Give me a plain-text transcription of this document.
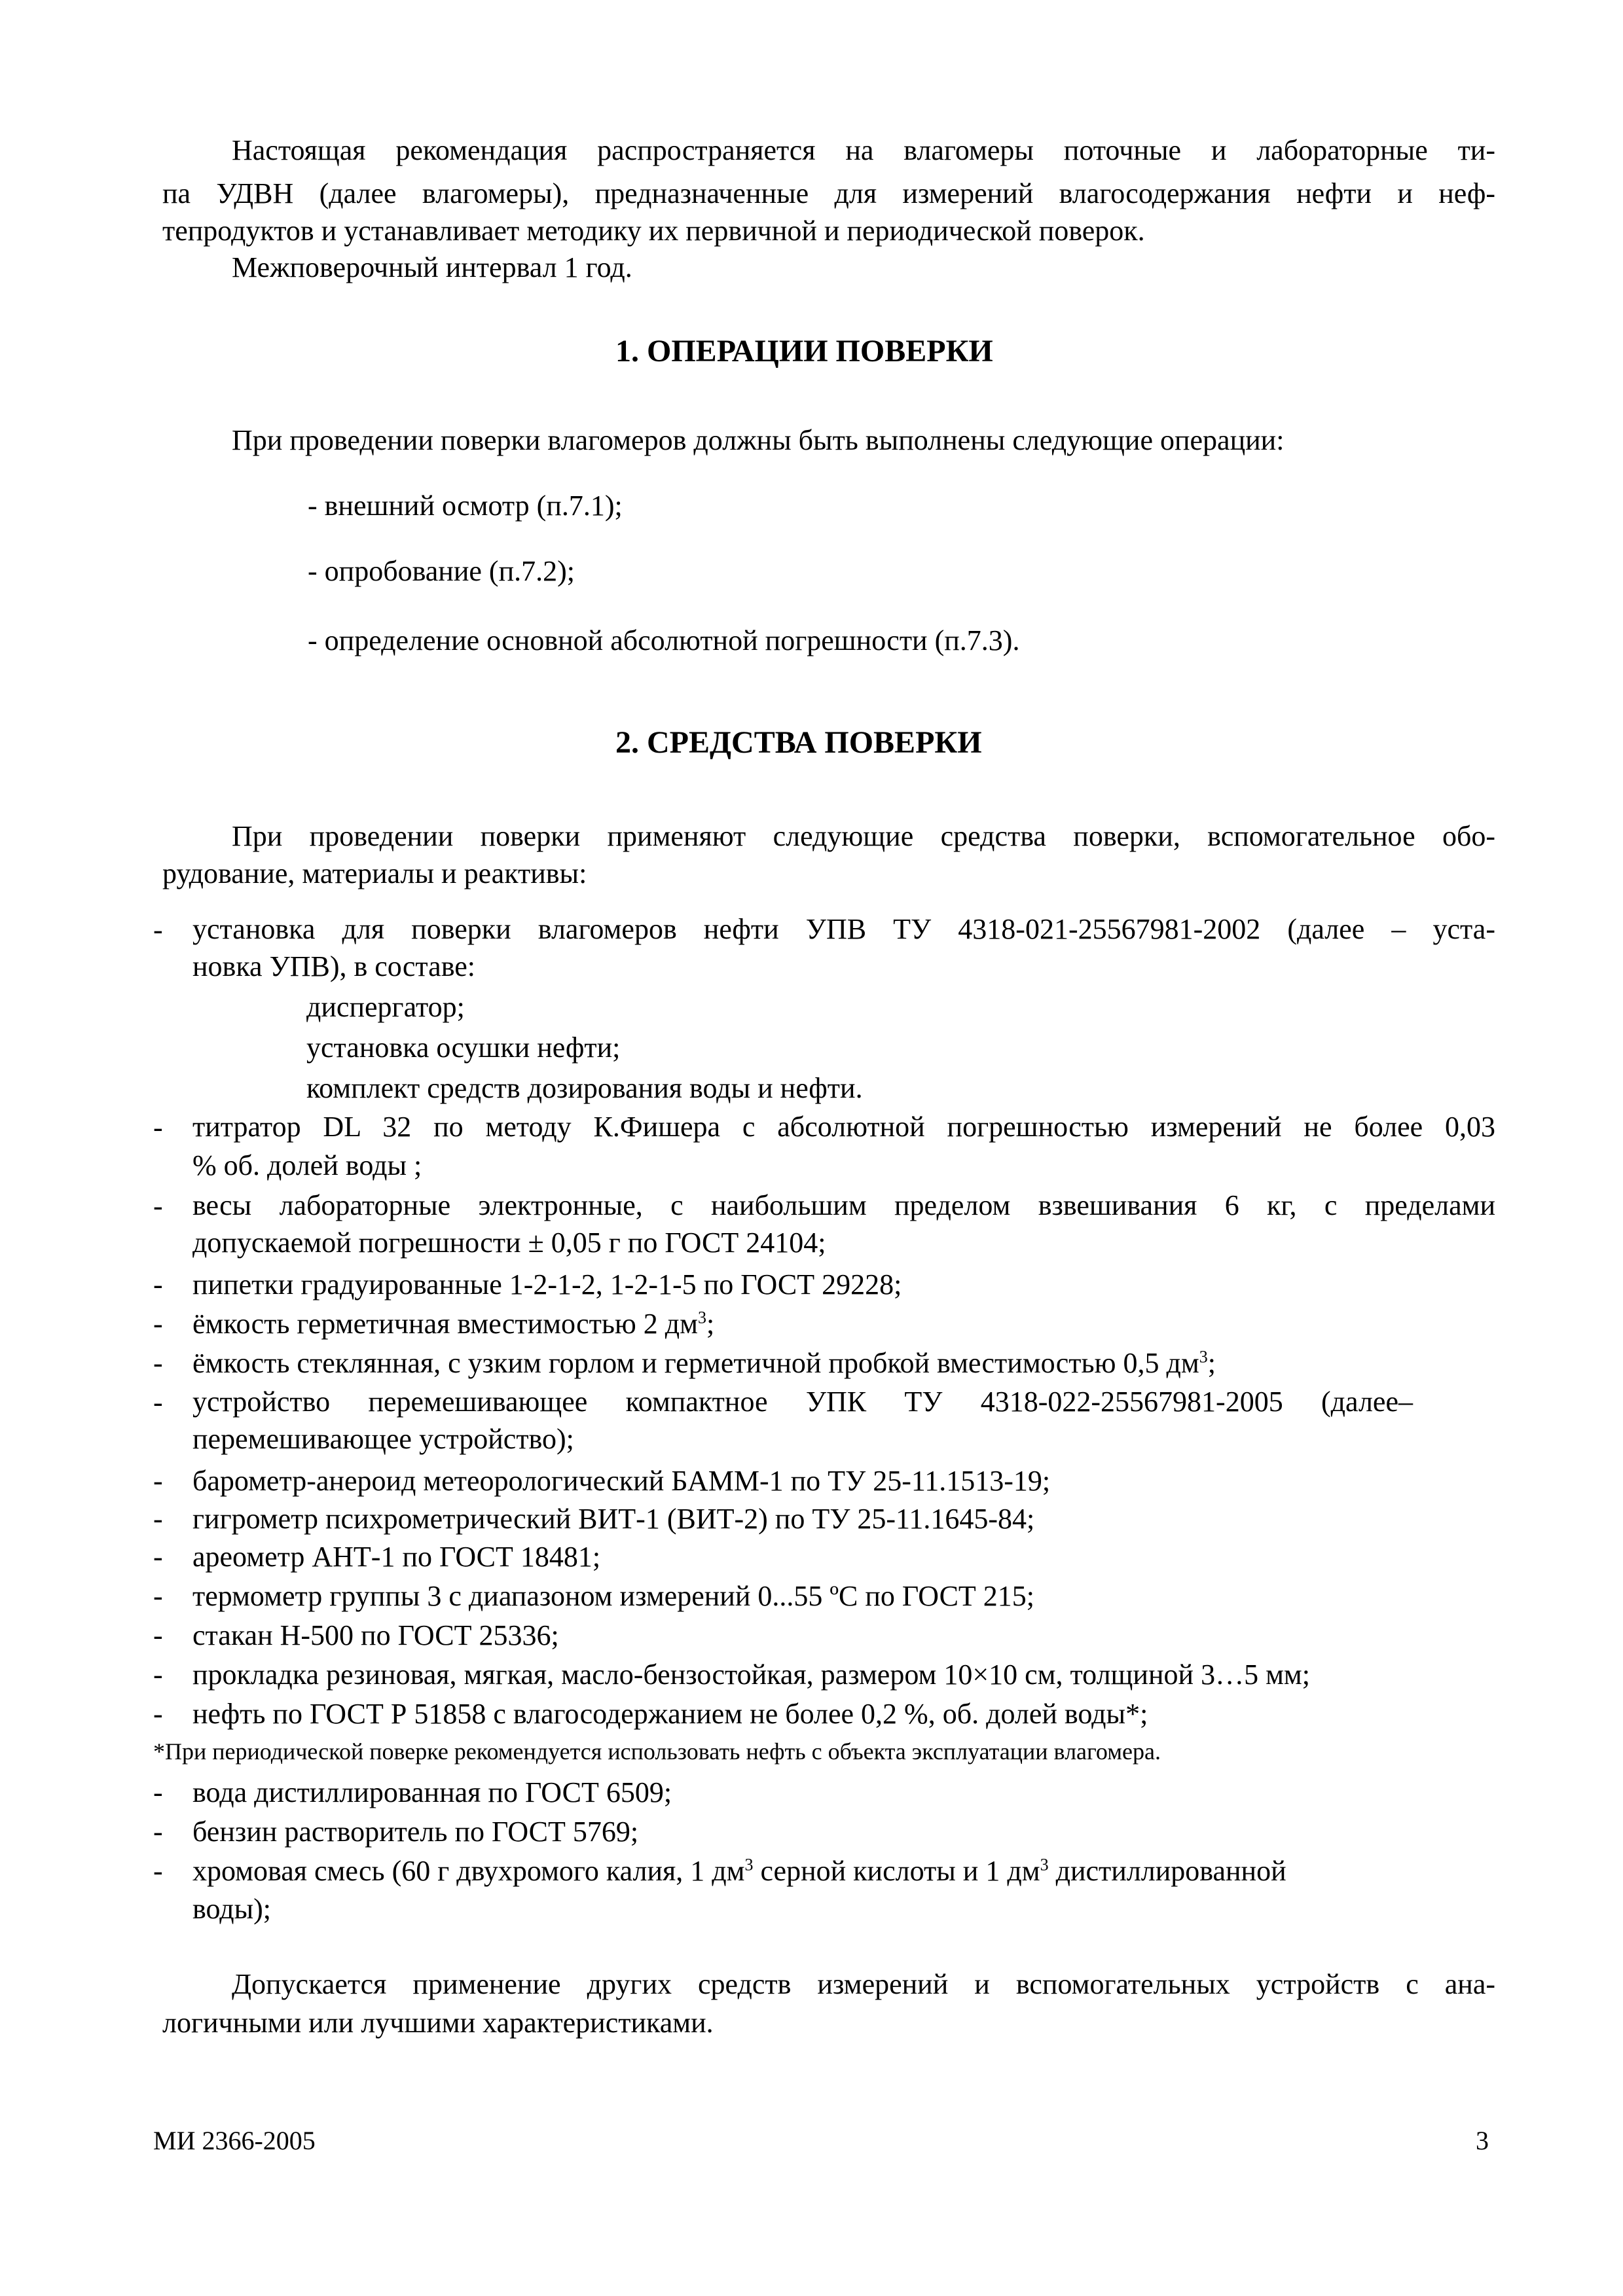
Настоящая рекомендация распространяется на влагомеры поточные и лабораторные ти-

па УДВН (далее влагомеры), предназначенные для измерений влагосодержания нефти и неф-

тепродуктов и устанавливает методику их первичной и периодической поверок.

Межповерочный интервал 1 год.

1. ОПЕРАЦИИ ПОВЕРКИ

При проведении поверки влагомеров должны быть выполнены следующие операции:

- внешний осмотр (п.7.1);

- опробование (п.7.2);

- определение основной абсолютной погрешности (п.7.3).

2. СРЕДСТВА ПОВЕРКИ

При проведении поверки применяют следующие средства поверки, вспомогательное обо-

рудование, материалы и реактивы:

- установка для поверки влагомеров нефти УПВ ТУ 4318-021-25567981-2002 (далее – уста-

новка УПВ), в составе:

диспергатор;

установка осушки нефти;

комплект средств дозирования воды и нефти.

- титратор DL 32 по методу К.Фишера с абсолютной погрешностью измерений не более 0,03

% об. долей воды ;

- весы лабораторные электронные, с наибольшим пределом взвешивания 6 кг, с пределами

допускаемой погрешности ± 0,05 г по ГОСТ 24104;

- пипетки градуированные 1-2-1-2, 1-2-1-5 по ГОСТ 29228;

- ёмкость герметичная вместимостью 2 $дм^3$;

- ёмкость стеклянная, с узким горлом и герметичной пробкой вместимостью 0,5 $дм^3$;

- устройство перемешивающее компактное УПК ТУ 4318-022-25567981-2005 (далее–

перемешивающее устройство);

- барометр-анероид метеорологический БАММ-1 по ТУ 25-11.1513-19;

- гигрометр психрометрический ВИТ-1 (ВИТ-2) по ТУ 25-11.1645-84;

- ареометр АНТ-1 по ГОСТ 18481;

- термометр группы 3 с диапазоном измерений 0...55 ºС по ГОСТ 215;

- стакан Н-500 по ГОСТ 25336;

- прокладка резиновая, мягкая, масло-бензостойкая, размером 10×10 см, толщиной 3…5 мм;

- нефть по ГОСТ Р 51858 с влагосодержанием не более 0,2 %, об. долей воды*;

*При периодической поверке рекомендуется использовать нефть с объекта эксплуатации влагомера.

- вода дистиллированная по ГОСТ 6509;

- бензин растворитель по ГОСТ 5769;

- хромовая смесь (60 г двухромого калия, 1 $дм^3$ серной кислоты и 1 $дм^3$ дистиллированной

воды);

Допускается применение других средств измерений и вспомогательных устройств с ана-

логичными или лучшими характеристиками.

МИ 2366-2005	3
